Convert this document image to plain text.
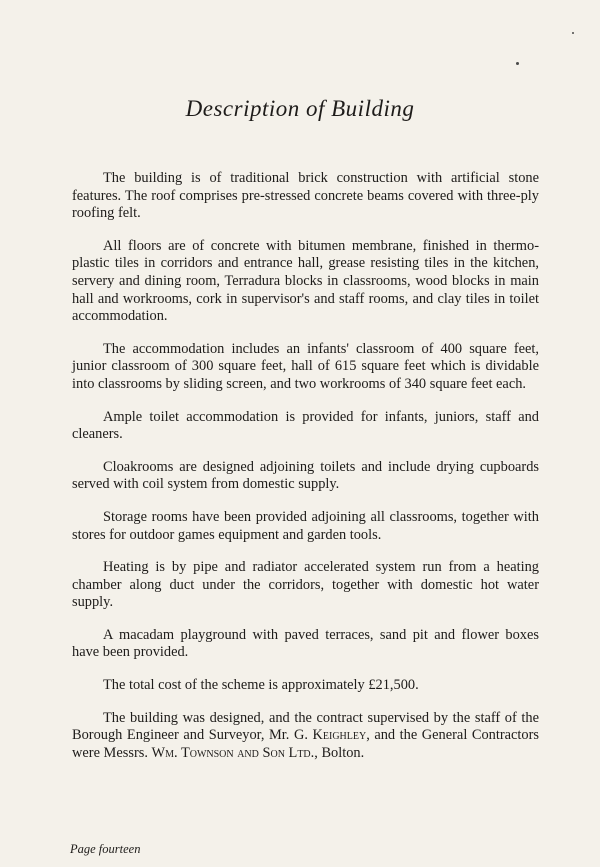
Description of Building

The building is of traditional brick construction with artificial stone features. The roof comprises pre-stressed concrete beams covered with three-ply roofing felt.

All floors are of concrete with bitumen membrane, finished in thermo-plastic tiles in corridors and entrance hall, grease resisting tiles in the kitchen, servery and dining room, Terradura blocks in classrooms, wood blocks in main hall and workrooms, cork in supervisor's and staff rooms, and clay tiles in toilet accommodation.

The accommodation includes an infants' classroom of 400 square feet, junior classroom of 300 square feet, hall of 615 square feet which is dividable into classrooms by sliding screen, and two workrooms of 340 square feet each.

Ample toilet accommodation is provided for infants, juniors, staff and cleaners.

Cloakrooms are designed adjoining toilets and include drying cupboards served with coil system from domestic supply.

Storage rooms have been provided adjoining all classrooms, together with stores for outdoor games equipment and garden tools.

Heating is by pipe and radiator accelerated system run from a heating chamber along duct under the corridors, together with domestic hot water supply.

A macadam playground with paved terraces, sand pit and flower boxes have been provided.

The total cost of the scheme is approximately £21,500.

The building was designed, and the contract supervised by the staff of the Borough Engineer and Surveyor, Mr. G. Keighley, and the General Contractors were Messrs. Wm. Townson and Son Ltd., Bolton.

Page fourteen
